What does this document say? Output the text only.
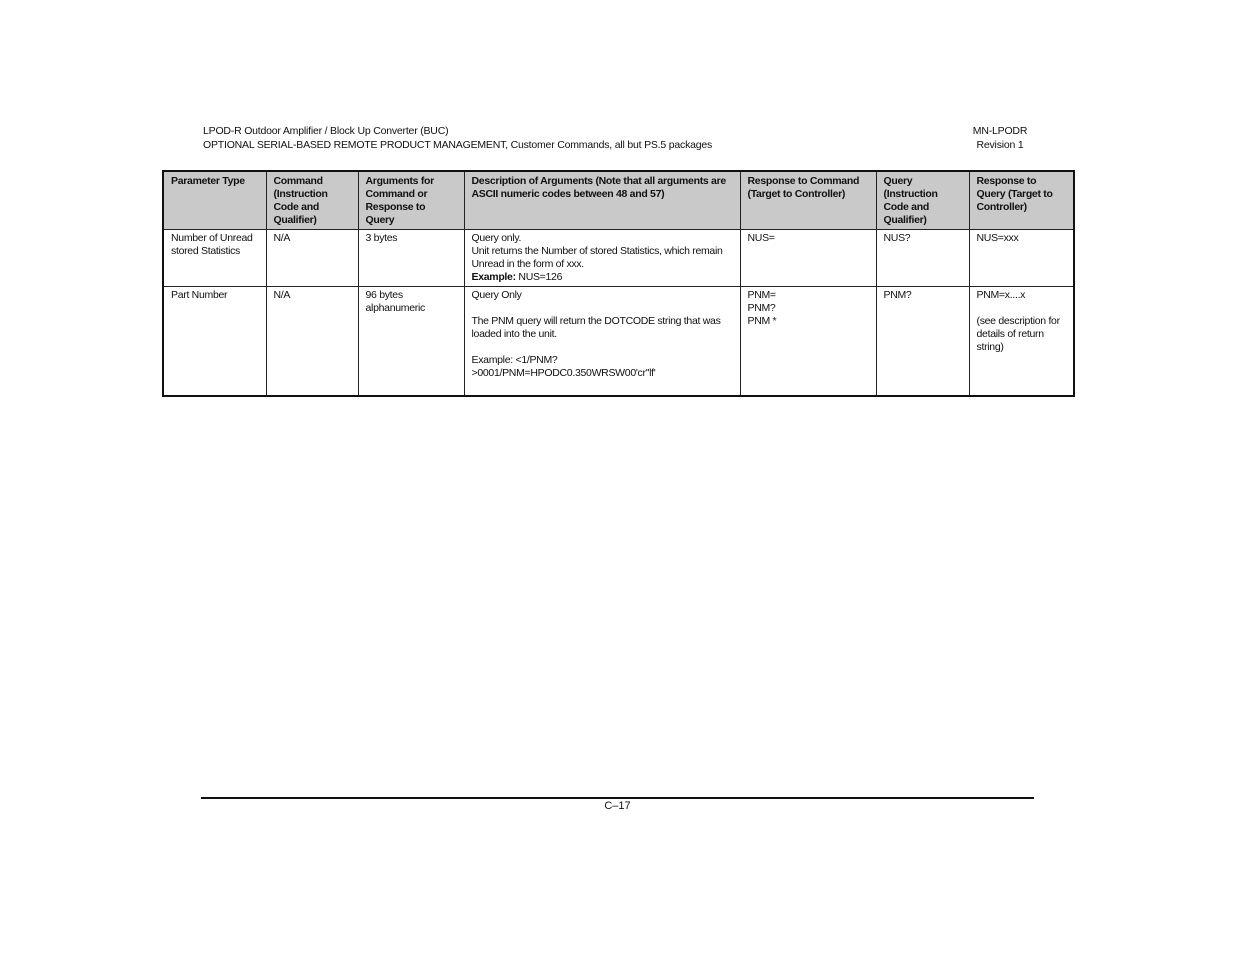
LPOD-R Outdoor Amplifier / Block Up Converter (BUC)
OPTIONAL SERIAL-BASED REMOTE PRODUCT MANAGEMENT, Customer Commands, all but PS.5 packages
MN-LPODR
Revision 1
Parameter Type	Command (Instruction Code and Qualifier)	Arguments for Command or Response to Query	Description of Arguments (Note that all arguments are ASCII numeric codes between 48 and 57)	Response to Command (Target to Controller)	Query (Instruction Code and Qualifier)	Response to Query (Target to Controller)
Number of Unread stored Statistics	N/A	3 bytes	Query only.
Unit returns the Number of stored Statistics, which remain Unread in the form of xxx.
Example: NUS=126	NUS=	NUS?	NUS=xxx
Part Number	N/A	96 bytes alphanumeric	Query Only
The PNM query will return the DOTCODE string that was loaded into the unit.
Example: <1/PNM?
>0001/PNM=HPODC0.350WRSW00'cr''lf'	PNM=
PNM?
PNM *	PNM?	PNM=x....x
(see description for details of return string)
C–17
